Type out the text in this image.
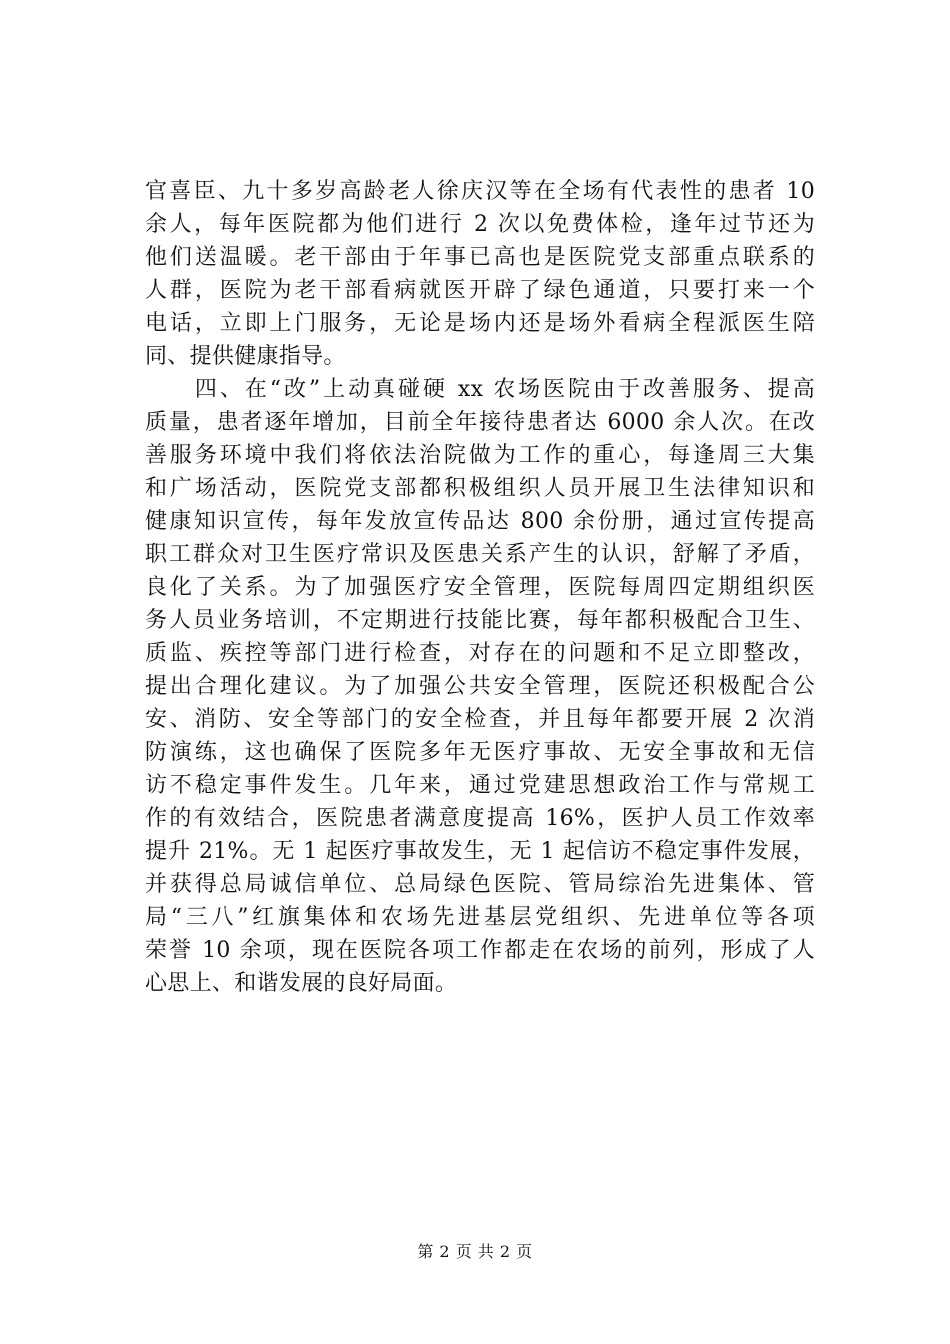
官喜臣、九十多岁高龄老人徐庆汉等在全场有代表性的患者 10
余人，每年医院都为他们进行 2 次以免费体检，逢年过节还为
他们送温暖。老干部由于年事已高也是医院党支部重点联系的
人群，医院为老干部看病就医开辟了绿色通道，只要打来一个
电话，立即上门服务，无论是场内还是场外看病全程派医生陪
同、提供健康指导。
　　四、在“改”上动真碰硬 xx 农场医院由于改善服务、提高
质量，患者逐年增加，目前全年接待患者达 6000 余人次。在改
善服务环境中我们将依法治院做为工作的重心，每逢周三大集
和广场活动，医院党支部都积极组织人员开展卫生法律知识和
健康知识宣传，每年发放宣传品达 800 余份册，通过宣传提高
职工群众对卫生医疗常识及医患关系产生的认识，舒解了矛盾，
良化了关系。为了加强医疗安全管理，医院每周四定期组织医
务人员业务培训，不定期进行技能比赛，每年都积极配合卫生、
质监、疾控等部门进行检查，对存在的问题和不足立即整改，
提出合理化建议。为了加强公共安全管理，医院还积极配合公
安、消防、安全等部门的安全检查，并且每年都要开展 2 次消
防演练，这也确保了医院多年无医疗事故、无安全事故和无信
访不稳定事件发生。几年来，通过党建思想政治工作与常规工
作的有效结合，医院患者满意度提高 16%，医护人员工作效率
提升 21%。无 1 起医疗事故发生，无 1 起信访不稳定事件发展，
并获得总局诚信单位、总局绿色医院、管局综治先进集体、管
局“三八”红旗集体和农场先进基层党组织、先进单位等各项
荣誉 10 余项，现在医院各项工作都走在农场的前列，形成了人
心思上、和谐发展的良好局面。
第 2 页 共 2 页
